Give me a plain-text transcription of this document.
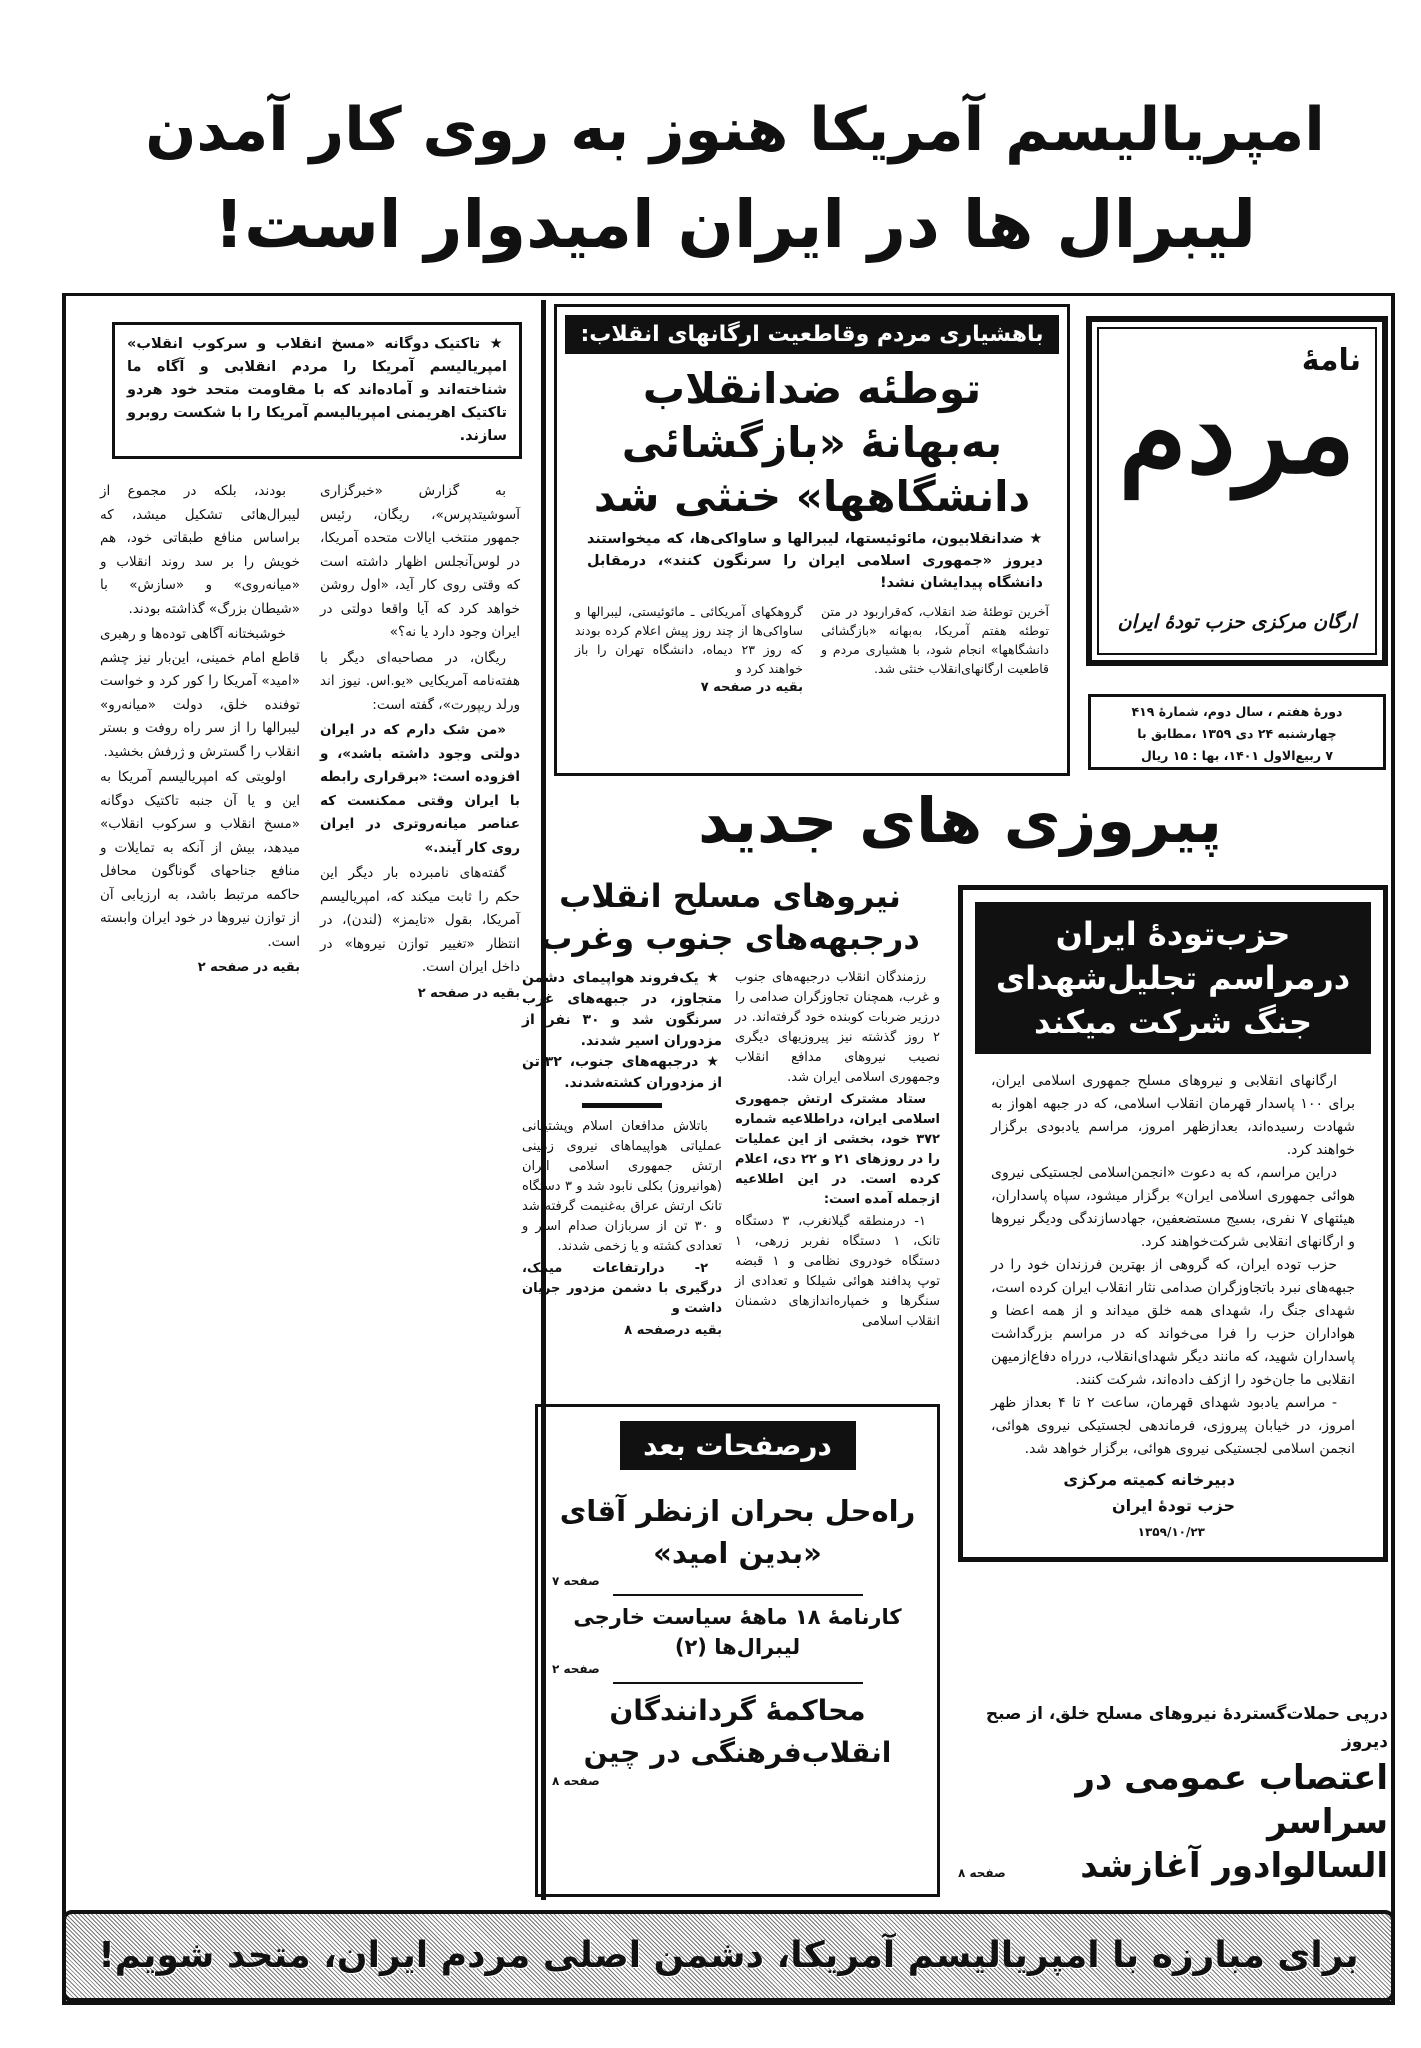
امپریالیسم آمریکا هنوز به روی کار آمدن
لیبرال ها در ایران امیدوار است!
★ تاکتیک دوگانه «مسخ انقلاب و سرکوب انقلاب» امپریالیسم آمریکا را مردم انقلابی و آگاه ما شناخته‌اند و آماده‌اند که با مقاومت متحد خود هردو تاکتیک اهریمنی امپریالیسم آمریکا را با شکست روبرو سازند.

به گزارش «خبرگزاری آسوشیتدپرس»، ریگان، رئیس جمهور منتخب ایالات متحده آمریکا، در لوس‌آنجلس اظهار داشته است که وقتی روی کار آید، «اول روشن خواهد کرد که آیا واقعا دولتی در ایران وجود دارد یا نه؟»

ریگان، در مصاحبه‌ای دیگر با هفته‌نامه آمریکایی «یو.اس. نیوز اند ورلد ریپورت»، گفته است:

«من شک دارم که در ایران دولتی وجود داشته باشد»، و افزوده است: «برقراری رابطه با ایران وقتی ممکنست که عناصر میانه‌روتری در ایران روی کار آیند.»

گفته‌های نامبرده بار دیگر این حکم را ثابت میکند که، امپریالیسم آمریکا، بقول «تایمز» (لندن)، در انتظار «تغییر توازن نیروها» در داخل ایران است.

بقیه در صفحه ۲

بودند، بلکه در مجموع از لیبرال‌هائی تشکیل میشد، که براساس منافع طبقاتی خود، هم خویش را بر سد روند انقلاب و «میانه‌روی» و «سازش» با «شیطان بزرگ» گذاشته بودند.

خوشبختانه آگاهی توده‌ها و رهبری قاطع امام خمینی، این‌بار نیز چشم «امید» آمریکا را کور کرد و خواست توفنده خلق، دولت «میانه‌رو» لیبرالها را از سر راه روفت و بستر انقلاب را گسترش و ژرفش بخشید.

اولویتی که امپریالیسم آمریکا به این و یا آن جنبه تاکتیک دوگانه «مسخ انقلاب و سرکوب انقلاب» میدهد، بیش از آنکه به تمایلات و منافع جناحهای گوناگون محافل حاکمه مرتبط باشد، به ارزیابی آن از توازن نیروها در خود ایران وابسته است.

بقیه در صفحه ۲
باهشیاری مردم وقاطعیت ارگانهای انقلاب:
توطئه ضدانقلاب
به‌بهانهٔ «بازگشائی
دانشگاهها» خنثی شد
★ ضدانقلابیون، مائوئیستها، لیبرالها و ساواکی‌ها، که میخواستند دیروز «جمهوری اسلامی ایران را سرنگون کنند»، درمقابل دانشگاه پیدایشان نشد!
آخرین توطئهٔ ضد انقلاب، که‌قراربود در متن توطئه هفتم آمریکا، به‌بهانه «بازگشائی دانشگاهها» انجام شود، با هشیاری مردم و قاطعیت ارگانهای‌انقلاب خنثی شد.
گروهکهای آمریکائی ـ مائوئیستی، لیبرالها و ساواکی‌ها از چند روز پیش اعلام کرده بودند که روز ۲۳ دیماه، دانشگاه تهران را باز خواهند کرد و
بقیه در صفحه ۷
نامهٔ
مردم
ارگان مرکزی حزب تودهٔ ایران
دورهٔ هفتم ، سال دوم، شمارهٔ ۴۱۹
چهارشنبه ۲۴ دی ۱۳۵۹ ،مطابق با
۷ ربیع‌الاول ۱۴۰۱، بها : ۱۵ ریال
پیروزی های جدید
نیروهای مسلح انقلاب
درجبهه‌های جنوب وغرب

رزمندگان انقلاب درجبهه‌های جنوب و غرب، همچنان تجاوزگران صدامی را درزیر ضربات کوبنده خود گرفته‌اند. در ۲ روز گذشته نیز پیروزیهای دیگری نصیب نیروهای مدافع انقلاب وجمهوری اسلامی ایران شد.

ستاد مشترک ارتش جمهوری اسلامی ایران، دراطلاعیه شماره ۳۷۲ خود، بخشی از این عملیات را در روزهای ۲۱ و ۲۲ دی، اعلام کرده است. در این اطلاعیه ازجمله آمده است:

۱- درمنطقه گیلانغرب، ۳ دستگاه تانک، ۱ دستگاه نفربر زرهی، ۱ دستگاه خودروی نظامی و ۱ قبضه توپ پدافند هوائی شیلکا و تعدادی از سنگرها و خمپاره‌اندازهای دشمنان انقلاب اسلامی

★ یک‌فروند هواپیمای دشمن متجاوز، در جبهه‌های غرب سرنگون شد و ۳۰ نفر از مزدوران اسیر شدند.
★ درجبهه‌های جنوب، ۳۲ تن از مزدوران کشته‌شدند.

باتلاش مدافعان اسلام وپشتیبانی عملیاتی هواپیماهای نیروی زمینی ارتش جمهوری اسلامی ایران (هوانیروز) بکلی نابود شد و ۳ دستگاه تانک ارتش عراق به‌غنیمت گرفته شد و ۳۰ تن از سربازان صدام اسیر و تعدادی کشته و یا زخمی شدند.

۲- درارتفاعات میمک، درگیری با دشمن مزدور جریان داشت و

بقیه درصفحه ۸
درصفحات بعد
راه‌حل بحران ازنظر آقای
«بدین امید»
صفحه ۷
کارنامهٔ ۱۸ ماههٔ سیاست خارجی
لیبرال‌ها (۲)
صفحه ۲
محاکمهٔ گردانندگان
انقلاب‌فرهنگی در چین
صفحه ۸
حزب‌تودهٔ ایران
درمراسم تجلیل‌شهدای
جنگ شرکت میکند

ارگانهای انقلابی و نیروهای مسلح جمهوری اسلامی ایران، برای ۱۰۰ پاسدار قهرمان انقلاب اسلامی، که در جبهه اهواز به شهادت رسیده‌اند، بعدازظهر امروز، مراسم یادبودی برگزار خواهند کرد.

دراین مراسم، که به دعوت «انجمن‌اسلامی لجستیکی نیروی هوائی جمهوری اسلامی ایران» برگزار میشود، سپاه پاسداران، هیئتهای ۷ نفری، بسیج مستضعفین، جهادسازندگی ودیگر نیروها و ارگانهای انقلابی شرکت‌خواهند کرد.

حزب توده ایران، که گروهی از بهترین فرزندان خود را در جبهه‌های نبرد باتجاوزگران صدامی نثار انقلاب ایران کرده است، شهدای جنگ را، شهدای همه خلق میداند و از همه اعضا و هواداران حزب را فرا می‌خواند که در مراسم بزرگداشت پاسداران شهید، که مانند دیگر شهدای‌انقلاب، درراه دفاع‌ازمیهن انقلابی ما جان‌خود را ازکف داده‌اند، شرکت کنند.

- مراسم یادبود شهدای قهرمان، ساعت ۲ تا ۴ بعداز ظهر امروز، در خیابان پیروزی، فرماندهی لجستیکی نیروی هوائی، انجمن اسلامی لجستیکی نیروی هوائی، برگزار خواهد شد.

دبیرخانه کمیته مرکزی
حزب تودهٔ ایران
۱۳۵۹/۱۰/۲۳
درپی حملات‌گستردهٔ نیروهای مسلح خلق، از صبح دیروز
اعتصاب عمومی در سراسر
السالوادور آغازشد
صفحه ۸
برای مبارزه با امپریالیسم آمریکا، دشمن اصلی مردم ایران، متحد شویم!
